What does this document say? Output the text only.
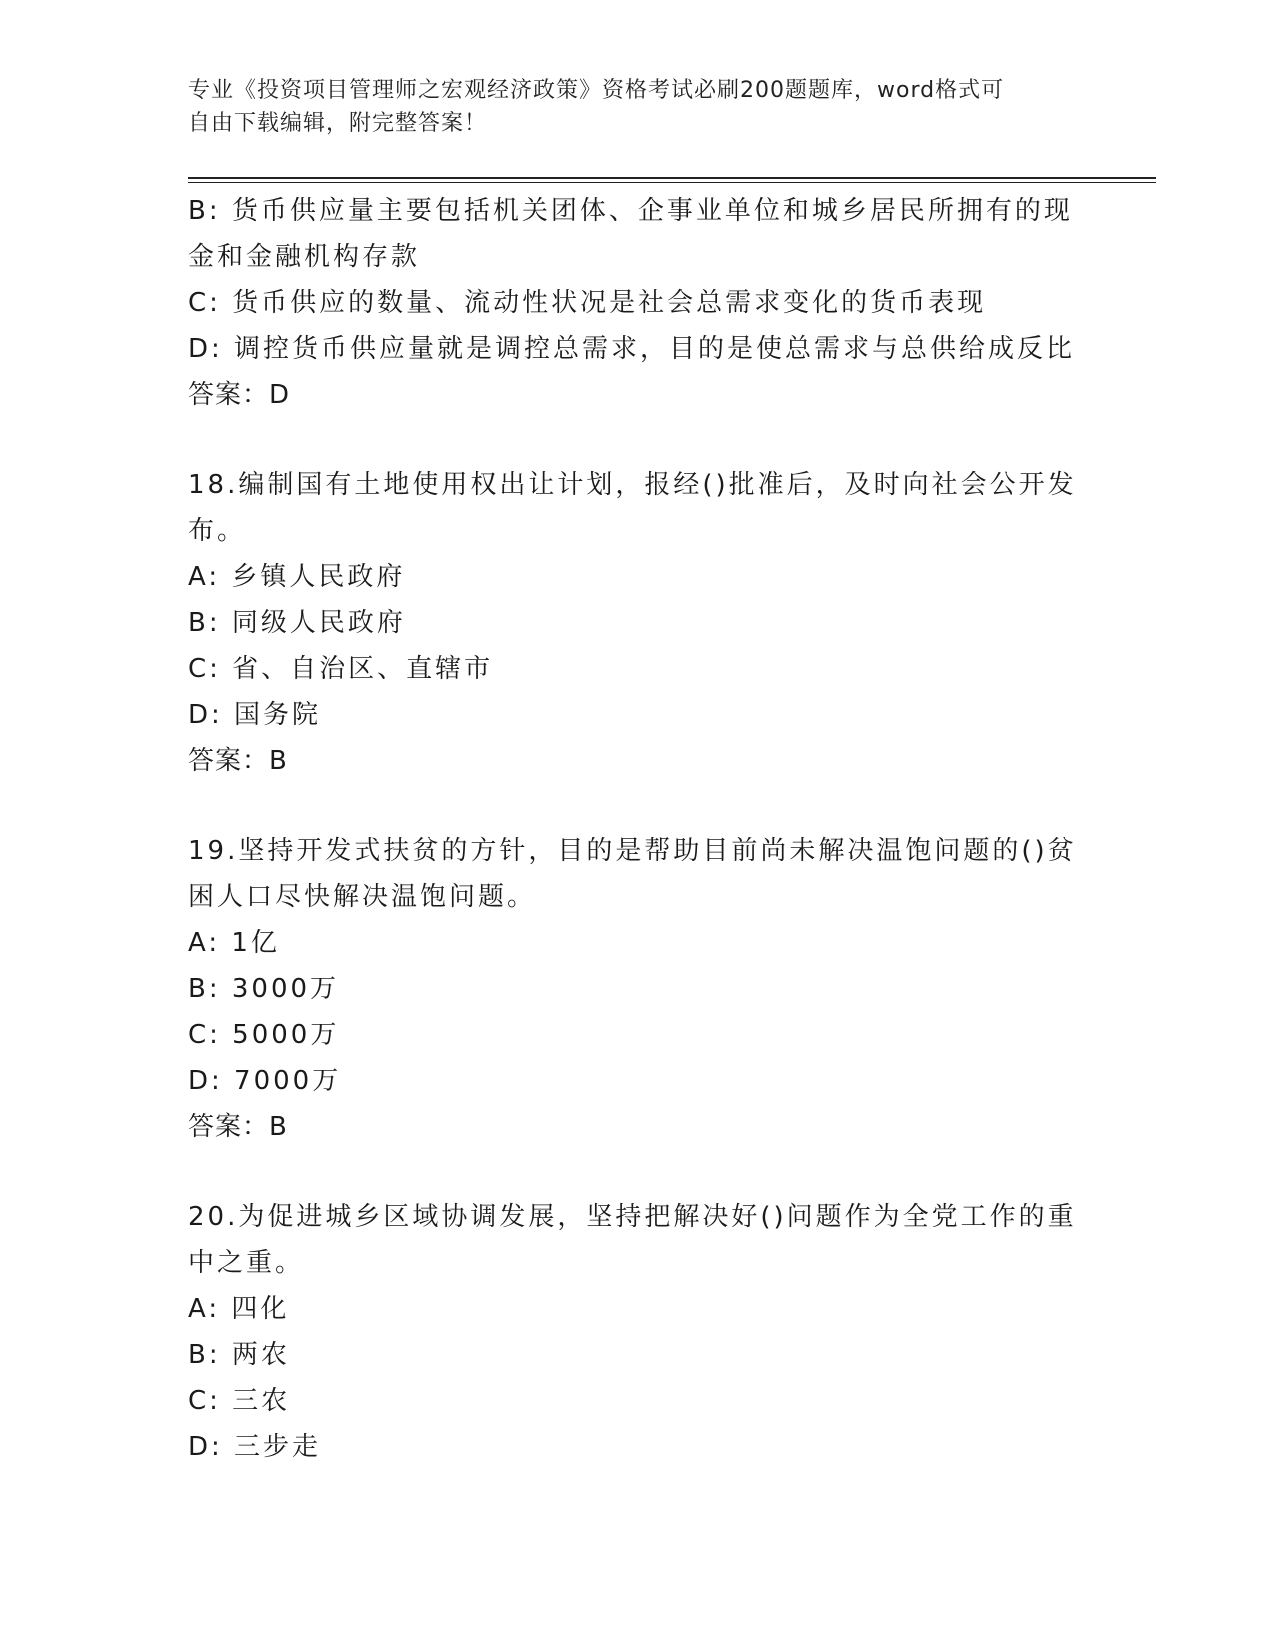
专业《投资项目管理师之宏观经济政策》资格考试必刷200题题库，word格式可
自由下载编辑，附完整答案！
B: 货币供应量主要包括机关团体、企事业单位和城乡居民所拥有的现
金和金融机构存款
C: 货币供应的数量、流动性状况是社会总需求变化的货币表现
D: 调控货币供应量就是调控总需求，目的是使总需求与总供给成反比
答案：D
18.编制国有土地使用权出让计划，报经()批准后，及时向社会公开发
布。
A: 乡镇人民政府
B: 同级人民政府
C: 省、自治区、直辖市
D: 国务院
答案：B
19.坚持开发式扶贫的方针，目的是帮助目前尚未解决温饱问题的()贫
困人口尽快解决温饱问题。
A: 1亿
B: 3000万
C: 5000万
D: 7000万
答案：B
20.为促进城乡区域协调发展，坚持把解决好()问题作为全党工作的重
中之重。
A: 四化
B: 两农
C: 三农
D: 三步走
